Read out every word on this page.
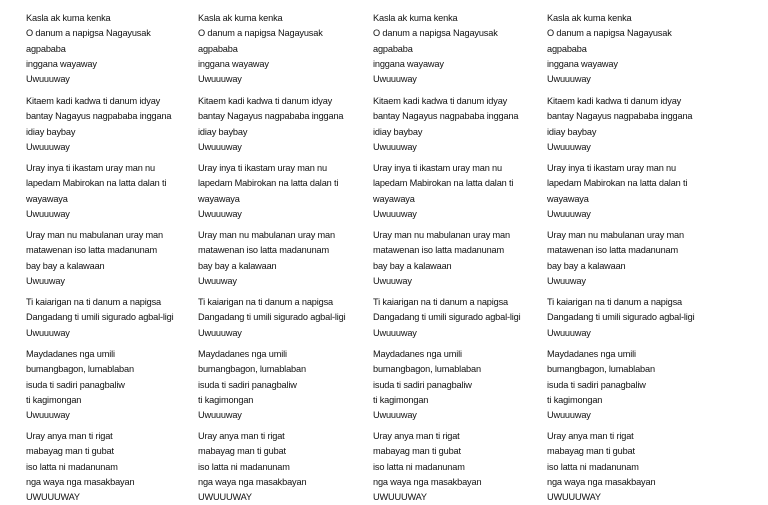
Kasla ak kuma kenka
O danum a napigsa Nagayusak
agpababa
inggana wayaway
Uwuuuway
Kitaem kadi kadwa ti danum idyay
bantay Nagayus nagpababa inggana
idiay baybay
Uwuuuway
Uray inya ti ikastam uray man nu
lapedam Mabirokan na latta dalan ti
wayawaya
Uwuuuway
Uray man nu mabulanan uray man
matawenan iso latta madanunam
bay bay a kalawaan
Uwuuway
Ti kaiarigan na ti danum a napigsa
Dangadang ti umili sigurado agbal-ligi
Uwuuuway
Maydadanes nga umili
bumangbagon, lumablaban
isuda ti sadiri panagbaliw
ti kagimongan
Uwuuuway
Uray anya man ti rigat
mabayag man ti gubat
iso latta ni madanunam
nga waya nga masakbayan
UWUUUWAY
Kasla ak kuma kenka
O danum a napigsa Nagayusak
agpababa
inggana wayaway
Uwuuuway
Kitaem kadi kadwa ti danum idyay
bantay Nagayus nagpababa inggana
idiay baybay
Uwuuuway
Uray inya ti ikastam uray man nu
lapedam Mabirokan na latta dalan ti
wayawaya
Uwuuuway
Uray man nu mabulanan uray man
matawenan iso latta madanunam
bay bay a kalawaan
Uwuuway
Ti kaiarigan na ti danum a napigsa
Dangadang ti umili sigurado agbal-ligi
Uwuuuway
Maydadanes nga umili
bumangbagon, lumablaban
isuda ti sadiri panagbaliw
ti kagimongan
Uwuuuway
Uray anya man ti rigat
mabayag man ti gubat
iso latta ni madanunam
nga waya nga masakbayan
UWUUUWAY
Kasla ak kuma kenka
O danum a napigsa Nagayusak
agpababa
inggana wayaway
Uwuuuway
Kitaem kadi kadwa ti danum idyay
bantay Nagayus nagpababa inggana
idiay baybay
Uwuuuway
Uray inya ti ikastam uray man nu
lapedam Mabirokan na latta dalan ti
wayawaya
Uwuuuway
Uray man nu mabulanan uray man
matawenan iso latta madanunam
bay bay a kalawaan
Uwuuway
Ti kaiarigan na ti danum a napigsa
Dangadang ti umili sigurado agbal-ligi
Uwuuuway
Maydadanes nga umili
bumangbagon, lumablaban
isuda ti sadiri panagbaliw
ti kagimongan
Uwuuuway
Uray anya man ti rigat
mabayag man ti gubat
iso latta ni madanunam
nga waya nga masakbayan
UWUUUWAY
Kasla ak kuma kenka
O danum a napigsa Nagayusak
agpababa
inggana wayaway
Uwuuuway
Kitaem kadi kadwa ti danum idyay
bantay Nagayus nagpababa inggana
idiay baybay
Uwuuuway
Uray inya ti ikastam uray man nu
lapedam Mabirokan na latta dalan ti
wayawaya
Uwuuuway
Uray man nu mabulanan uray man
matawenan iso latta madanunam
bay bay a kalawaan
Uwuuway
Ti kaiarigan na ti danum a napigsa
Dangadang ti umili sigurado agbal-ligi
Uwuuuway
Maydadanes nga umili
bumangbagon, lumablaban
isuda ti sadiri panagbaliw
ti kagimongan
Uwuuuway
Uray anya man ti rigat
mabayag man ti gubat
iso latta ni madanunam
nga waya nga masakbayan
UWUUUWAY
